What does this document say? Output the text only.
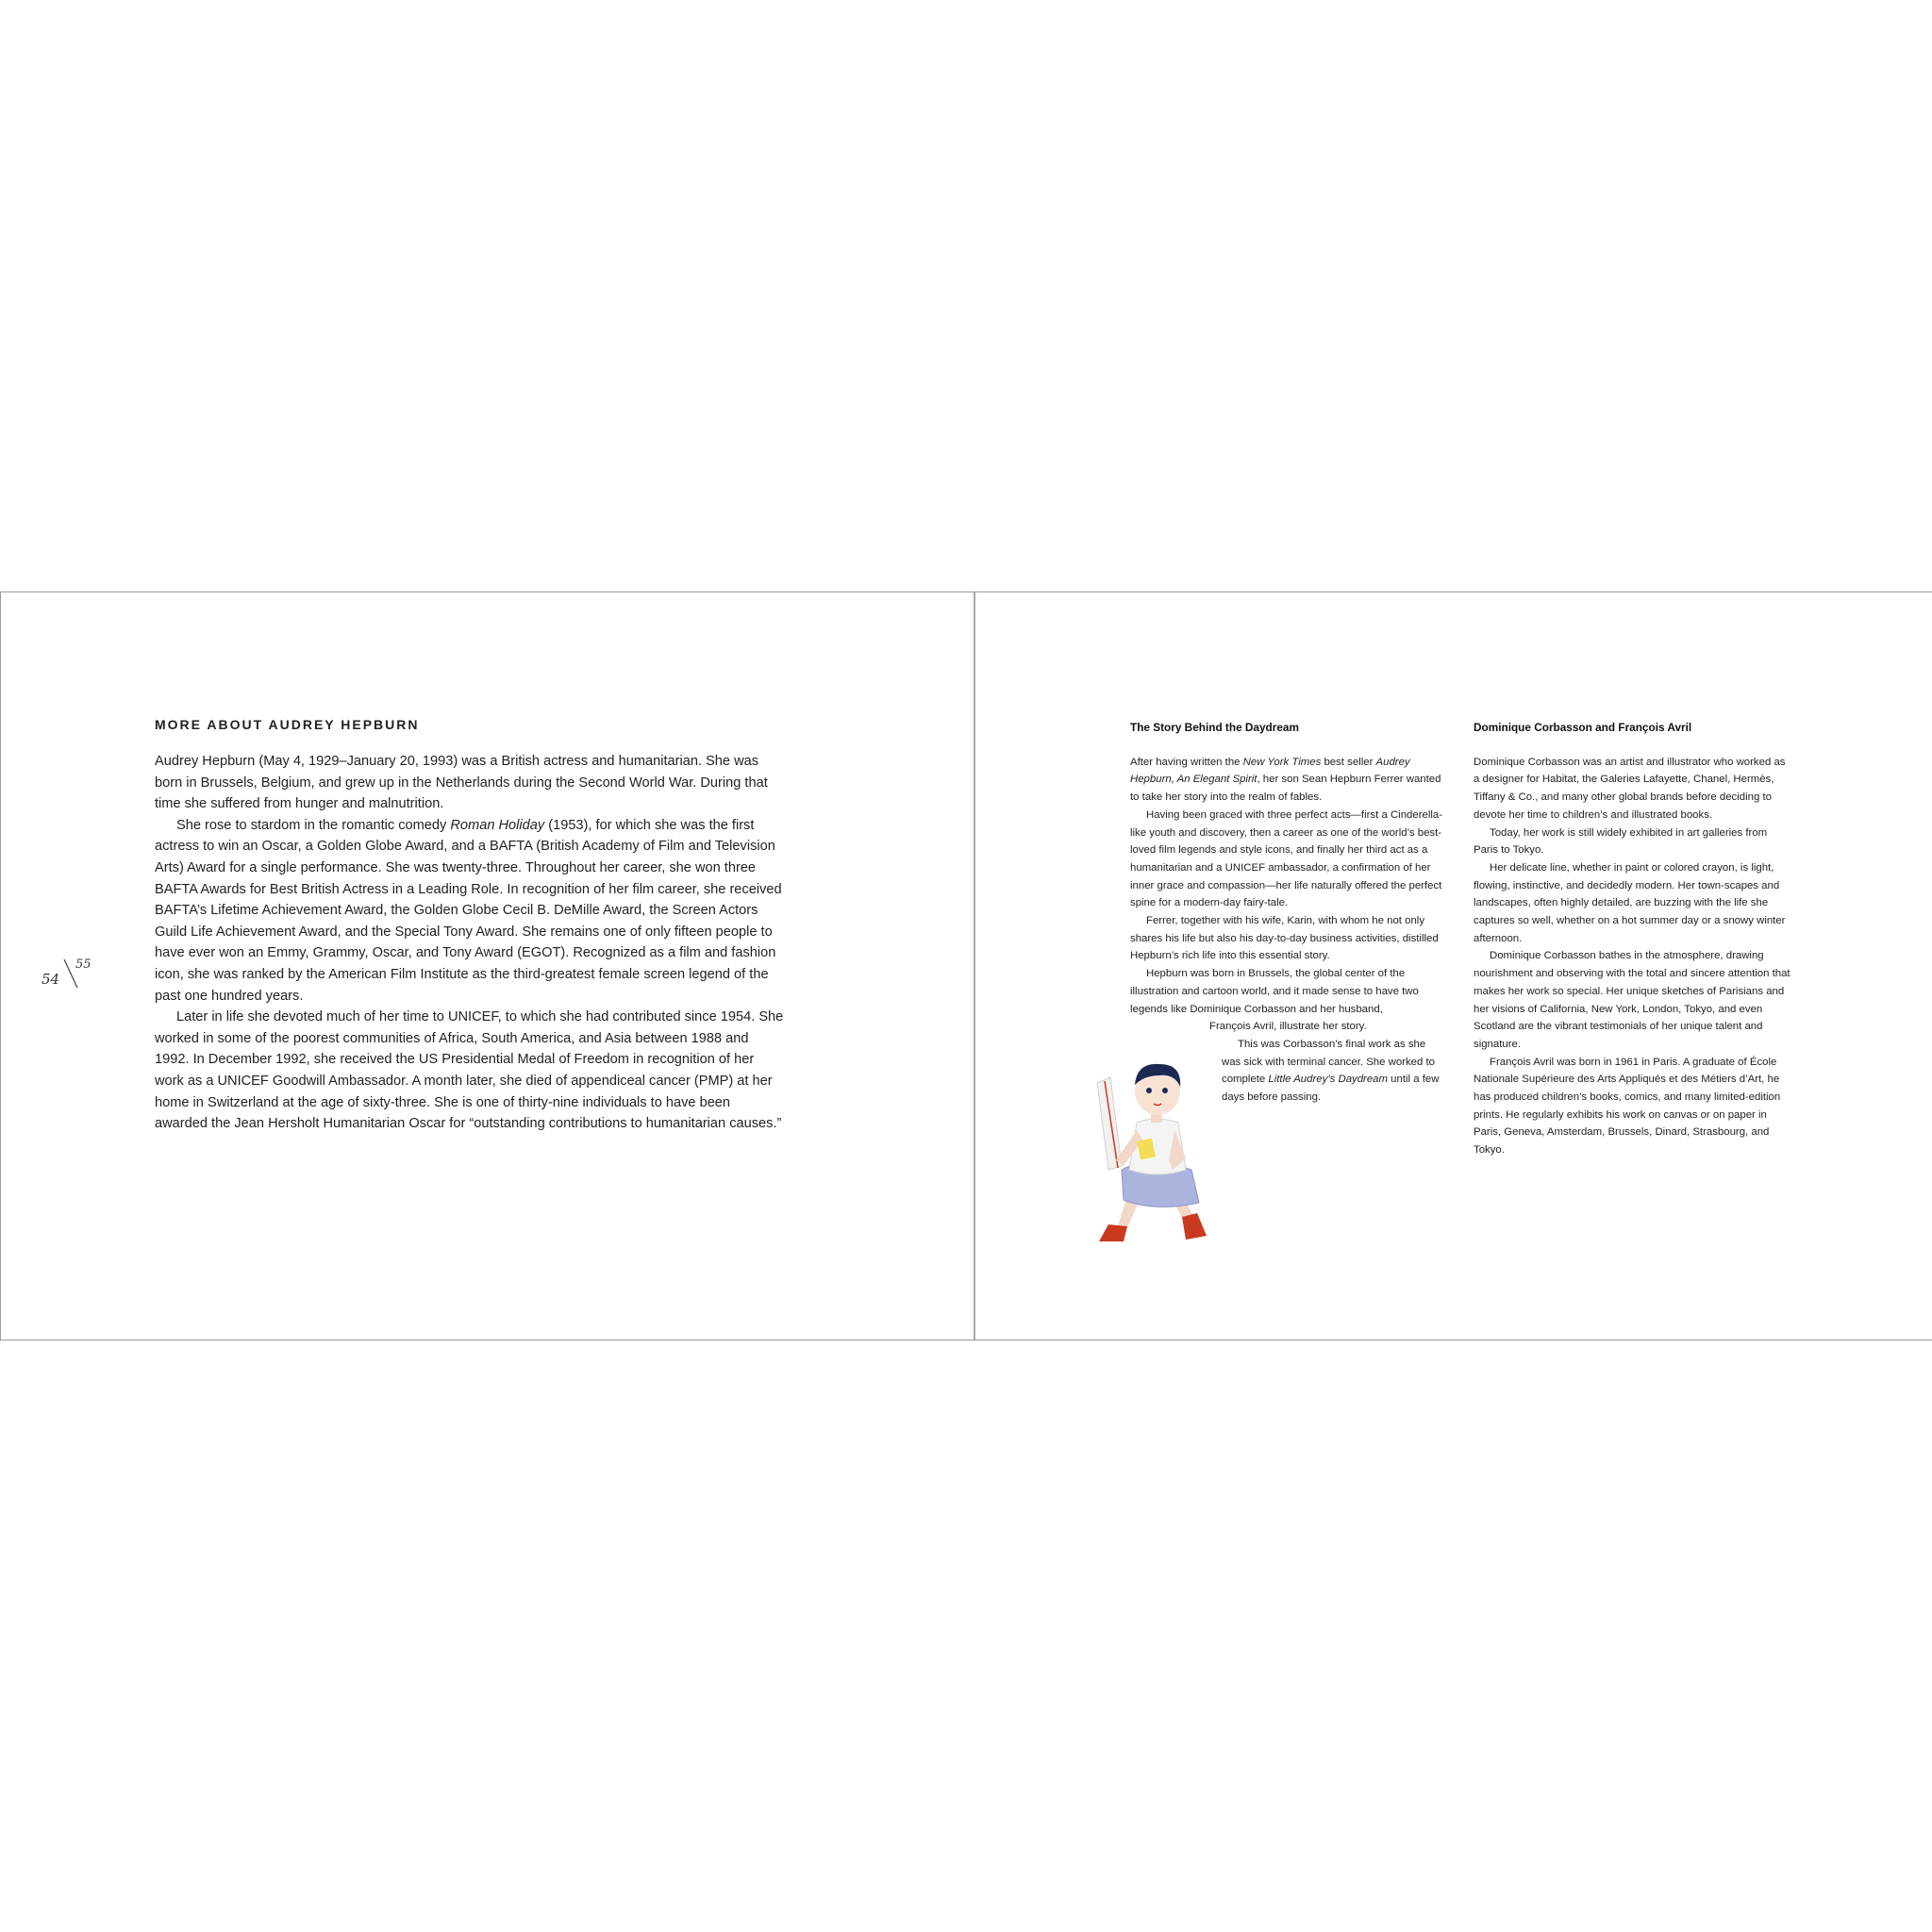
54
55
MORE ABOUT AUDREY HEPBURN

Audrey Hepburn (May 4, 1929–January 20, 1993) was a British actress and humanitarian. She was born in Brussels, Belgium, and grew up in the Netherlands during the Second World War. During that time she suffered from hunger and malnutrition.

She rose to stardom in the romantic comedy Roman Holiday (1953), for which she was the first actress to win an Oscar, a Golden Globe Award, and a BAFTA (British Academy of Film and Television Arts) Award for a single performance. She was twenty-three. Throughout her career, she won three BAFTA Awards for Best British Actress in a Leading Role. In recognition of her film career, she received BAFTA’s Lifetime Achievement Award, the Golden Globe Cecil B. DeMille Award, the Screen Actors Guild Life Achievement Award, and the Special Tony Award. She remains one of only fifteen people to have ever won an Emmy, Grammy, Oscar, and Tony Award (EGOT). Recognized as a film and fashion icon, she was ranked by the American Film Institute as the third-greatest female screen legend of the past one hundred years.

Later in life she devoted much of her time to UNICEF, to which she had contributed since 1954. She worked in some of the poorest communities of Africa, South America, and Asia between 1988 and 1992. In December 1992, she received the US Presidential Medal of Freedom in recognition of her work as a UNICEF Goodwill Ambassador. A month later, she died of appendiceal cancer (PMP) at her home in Switzerland at the age of sixty-three. She is one of thirty-nine individuals to have been awarded the Jean Hersholt Humanitarian Oscar for “outstanding contributions to humanitarian causes.”

The Story Behind the Daydream

After having written the New York Times best seller Audrey Hepburn, An Elegant Spirit, her son Sean Hepburn Ferrer wanted to take her story into the realm of fables.

Having been graced with three perfect acts—first a Cinderella-like youth and discovery, then a career as one of the world’s best-loved film legends and style icons, and finally her third act as a humanitarian and a UNICEF ambassador, a confirmation of her inner grace and compassion—her life naturally offered the perfect spine for a modern-day fairy-tale.

Ferrer, together with his wife, Karin, with whom he not only shares his life but also his day-to-day business activities, distilled Hepburn’s rich life into this essential story.

Hepburn was born in Brussels, the global center of the illustration and cartoon world, and it made sense to have two legends like Dominique Corbasson and her husband,

François Avril, illustrate her story.

This was Corbasson’s final work as she was sick with terminal cancer. She worked to complete Little Audrey’s Daydream until a few days before passing.

Dominique Corbasson and François Avril

Dominique Corbasson was an artist and illustrator who worked as a designer for Habitat, the Galeries Lafayette, Chanel, Hermès, Tiffany & Co., and many other global brands before deciding to devote her time to children’s and illustrated books.

Today, her work is still widely exhibited in art galleries from Paris to Tokyo.

Her delicate line, whether in paint or colored crayon, is light, flowing, instinctive, and decidedly modern. Her town-scapes and landscapes, often highly detailed, are buzzing with the life she captures so well, whether on a hot summer day or a snowy winter afternoon.

Dominique Corbasson bathes in the atmosphere, drawing nourishment and observing with the total and sincere attention that makes her work so special. Her unique sketches of Parisians and her visions of California, New York, London, Tokyo, and even Scotland are the vibrant testimonials of her unique talent and signature.

François Avril was born in 1961 in Paris. A graduate of École Nationale Supérieure des Arts Appliqués et des Métiers d’Art, he has produced children’s books, comics, and many limited-edition prints. He regularly exhibits his work on canvas or on paper in Paris, Geneva, Amsterdam, Brussels, Dinard, Strasbourg, and Tokyo.
